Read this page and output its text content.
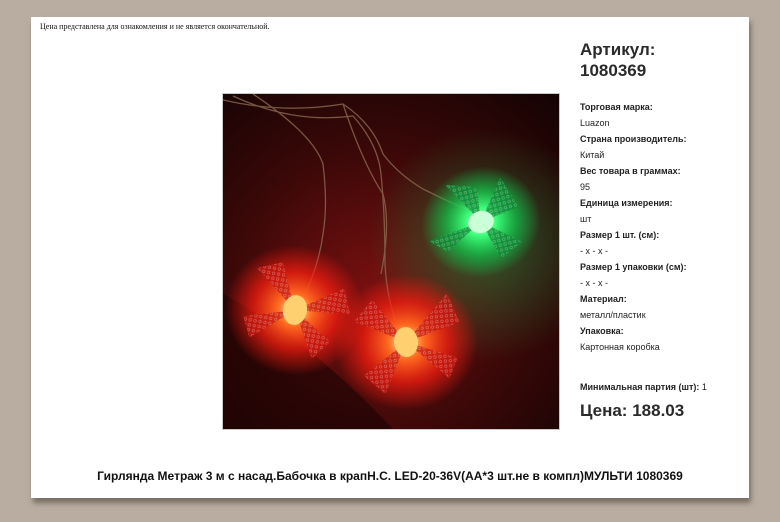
Цена представлена для ознакомления и не является окончательной.
Артикул:
1080369
Торговая марка:
Luazon
Страна производитель:
Китай
Вес товара в граммах:
95
Единица измерения:
шт
Размер 1 шт. (см):
- x - x -
Размер 1 упаковки (см):
- x - x -
Материал:
металл/пластик
Упаковка:
Картонная коробка
Минимальная партия (шт): 1
Цена: 188.03
Гирлянда Метраж 3 м с насад.Бабочка в крапН.С. LED-20-36V(АА*3 шт.не в компл)МУЛЬТИ 1080369
